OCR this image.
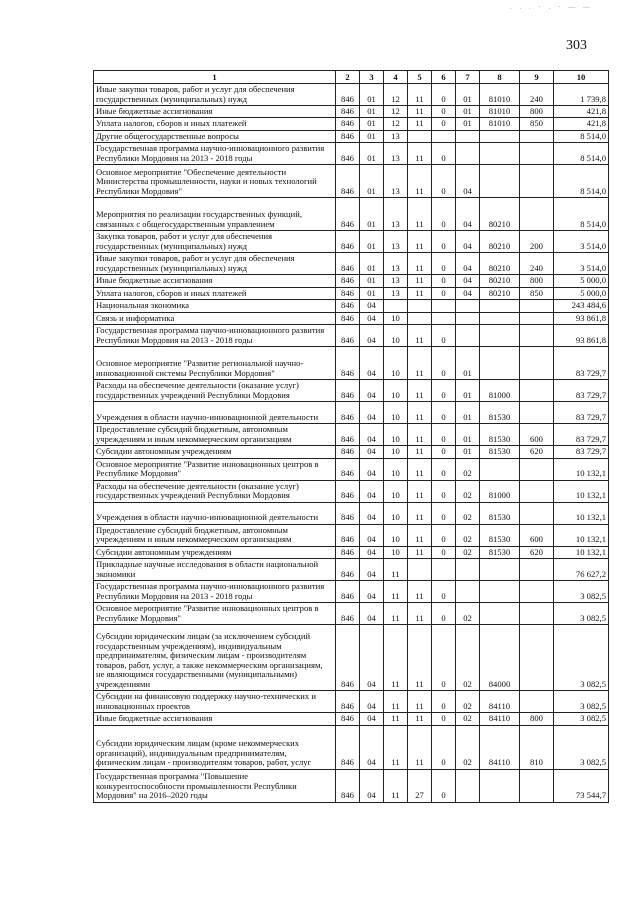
. . . · . · — —
303
1	2	3	4	5	6	7	8	9	10
Иные закупки товаров, работ и услуг для обеспечения государственных (муниципальных) нужд	846	01	12	11	0	01	81010	240	1 739,8
Иные бюджетные ассигнования	846	01	12	11	0	01	81010	800	421,8
Уплата налогов, сборов и иных платежей	846	01	12	11	0	01	81010	850	421,8
Другие общегосударственные вопросы	846	01	13						8 514,0
Государственная программа научно-инновационного развития Республики Мордовия на 2013 - 2018 годы	846	01	13	11	0				8 514,0
Основное мероприятие "Обеспечение деятельности Министерства промышленности, науки и новых технологий Республики Мордовия"	846	01	13	11	0	04			8 514,0
Мероприятия по реализации государственных функций, связанных с общегосударственным управлением	846	01	13	11	0	04	80210		8 514,0
Закупка товаров, работ и услуг для обеспечения государственных (муниципальных) нужд	846	01	13	11	0	04	80210	200	3 514,0
Иные закупки товаров, работ и услуг для обеспечения государственных (муниципальных) нужд	846	01	13	11	0	04	80210	240	3 514,0
Иные бюджетные ассигнования	846	01	13	11	0	04	80210	800	5 000,0
Уплата налогов, сборов и иных платежей	846	01	13	11	0	04	80210	850	5 000,0
Национальная экономика	846	04							243 484,6
Связь и информатика	846	04	10						93 861,8
Государственная программа научно-инновационного развития Республики Мордовия на 2013 - 2018 годы	846	04	10	11	0				93 861,8
Основное мероприятие "Развитие региональной научно-инновационной системы Республики Мордовия"	846	04	10	11	0	01			83 729,7
Расходы на обеспечение деятельности (оказание услуг) государственных учреждений Республики Мордовия	846	04	10	11	0	01	81000		83 729,7
Учреждения в области научно-инновационной деятельности	846	04	10	11	0	01	81530		83 729,7
Предоставление субсидий бюджетным, автономным учреждениям и иным некоммерческим организациям	846	04	10	11	0	01	81530	600	83 729,7
Субсидии автономным учреждениям	846	04	10	11	0	01	81530	620	83 729,7
Основное мероприятие "Развитие инновационных центров в Республике Мордовия"	846	04	10	11	0	02			10 132,1
Расходы на обеспечение деятельности (оказание услуг) государственных учреждений Республики Мордовия	846	04	10	11	0	02	81000		10 132,1
Учреждения в области научно-инновационной деятельности	846	04	10	11	0	02	81530		10 132,1
Предоставление субсидий бюджетным, автономным учреждениям и иным некоммерческим организациям	846	04	10	11	0	02	81530	600	10 132,1
Субсидии автономным учреждениям	846	04	10	11	0	02	81530	620	10 132,1
Прикладные научные исследования в области национальной экономики	846	04	11						76 627,2
Государственная программа научно-инновационного развития Республики Мордовия на 2013 - 2018 годы	846	04	11	11	0				3 082,5
Основное мероприятие "Развитие инновационных центров в Республике Мордовия"	846	04	11	11	0	02			3 082,5
Субсидии юридическим лицам (за исключением субсидий государственным учреждениям), индивидуальным предпринимателям, физическим лицам - производителям товаров, работ, услуг, а также некоммерческим организациям, не являющимся государственными (муниципальными) учреждениями	846	04	11	11	0	02	84000		3 082,5
Субсидии на финансовую поддержку научно-технических и инновационных проектов	846	04	11	11	0	02	84110		3 082,5
Иные бюджетные ассигнования	846	04	11	11	0	02	84110	800	3 082,5
Субсидии юридическим лицам (кроме некоммерческих организаций), индивидуальным предпринимателям, физическим лицам - производителям товаров, работ, услуг	846	04	11	11	0	02	84110	810	3 082,5
Государственная программа "Повышение конкурентоспособности промышленности Республики Мордовия" на 2016–2020 годы	846	04	11	27	0				73 544,7
